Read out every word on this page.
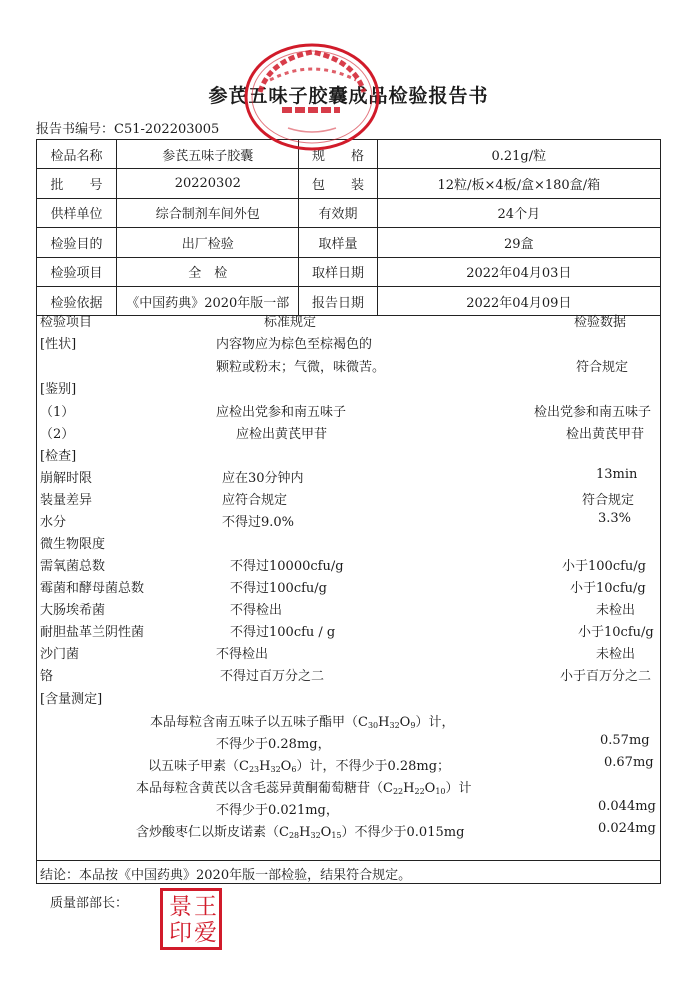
参芪五味子胶囊成品检验报告书
报告书编号：C51-202203005
检品名称	参芪五味子胶囊	规　　格	0.21g/粒
批　　号	20220302	包　　装	12粒/板×4板/盒×180盒/箱
供样单位	综合制剂车间外包	有效期	24个月
检验目的	出厂检验	取样量	29盒
检验项目	全　检	取样日期	2022年04月03日
检验依据	《中国药典》2020年版一部	报告日期	2022年04月09日
检验项目	标准规定	检验数据
[性状]	内容物应为棕色至棕褐色的
颗粒或粉末；气微，味微苦。	符合规定
[鉴别]
（1）	应检出党参和南五味子	检出党参和南五味子
（2）	应检出黄芪甲苷	检出黄芪甲苷
[检查]
崩解时限	应在30分钟内	13min
装量差异	应符合规定	符合规定
水分	不得过9.0%	3.3%
微生物限度
需氧菌总数	不得过10000cfu/g	小于100cfu/g
霉菌和酵母菌总数	不得过100cfu/g	小于10cfu/g
大肠埃希菌	不得检出	未检出
耐胆盐革兰阴性菌	不得过100cfu / g	小于10cfu/g
沙门菌	不得检出	未检出
铬	不得过百万分之二	小于百万分之二
[含量测定]
本品每粒含南五味子以五味子酯甲$(C_{30}H_{32}O_9)$计，
不得少于0.28mg，	0.57mg
以五味子甲素$(C_{23}H_{32}O_6)$计，不得少于0.28mg；	0.67mg
本品每粒含黄芪以含毛蕊异黄酮葡萄糖苷$(C_{22}H_{22}O_{10})$计
不得少于0.021mg，	0.044mg
含炒酸枣仁以斯皮诺素$(C_{28}H_{32}O_{15})$不得少于0.015mg	0.024mg
结论：本品按《中国药典》2020年版一部检验，结果符合规定。
质量部部长： 景 王
印 爱
